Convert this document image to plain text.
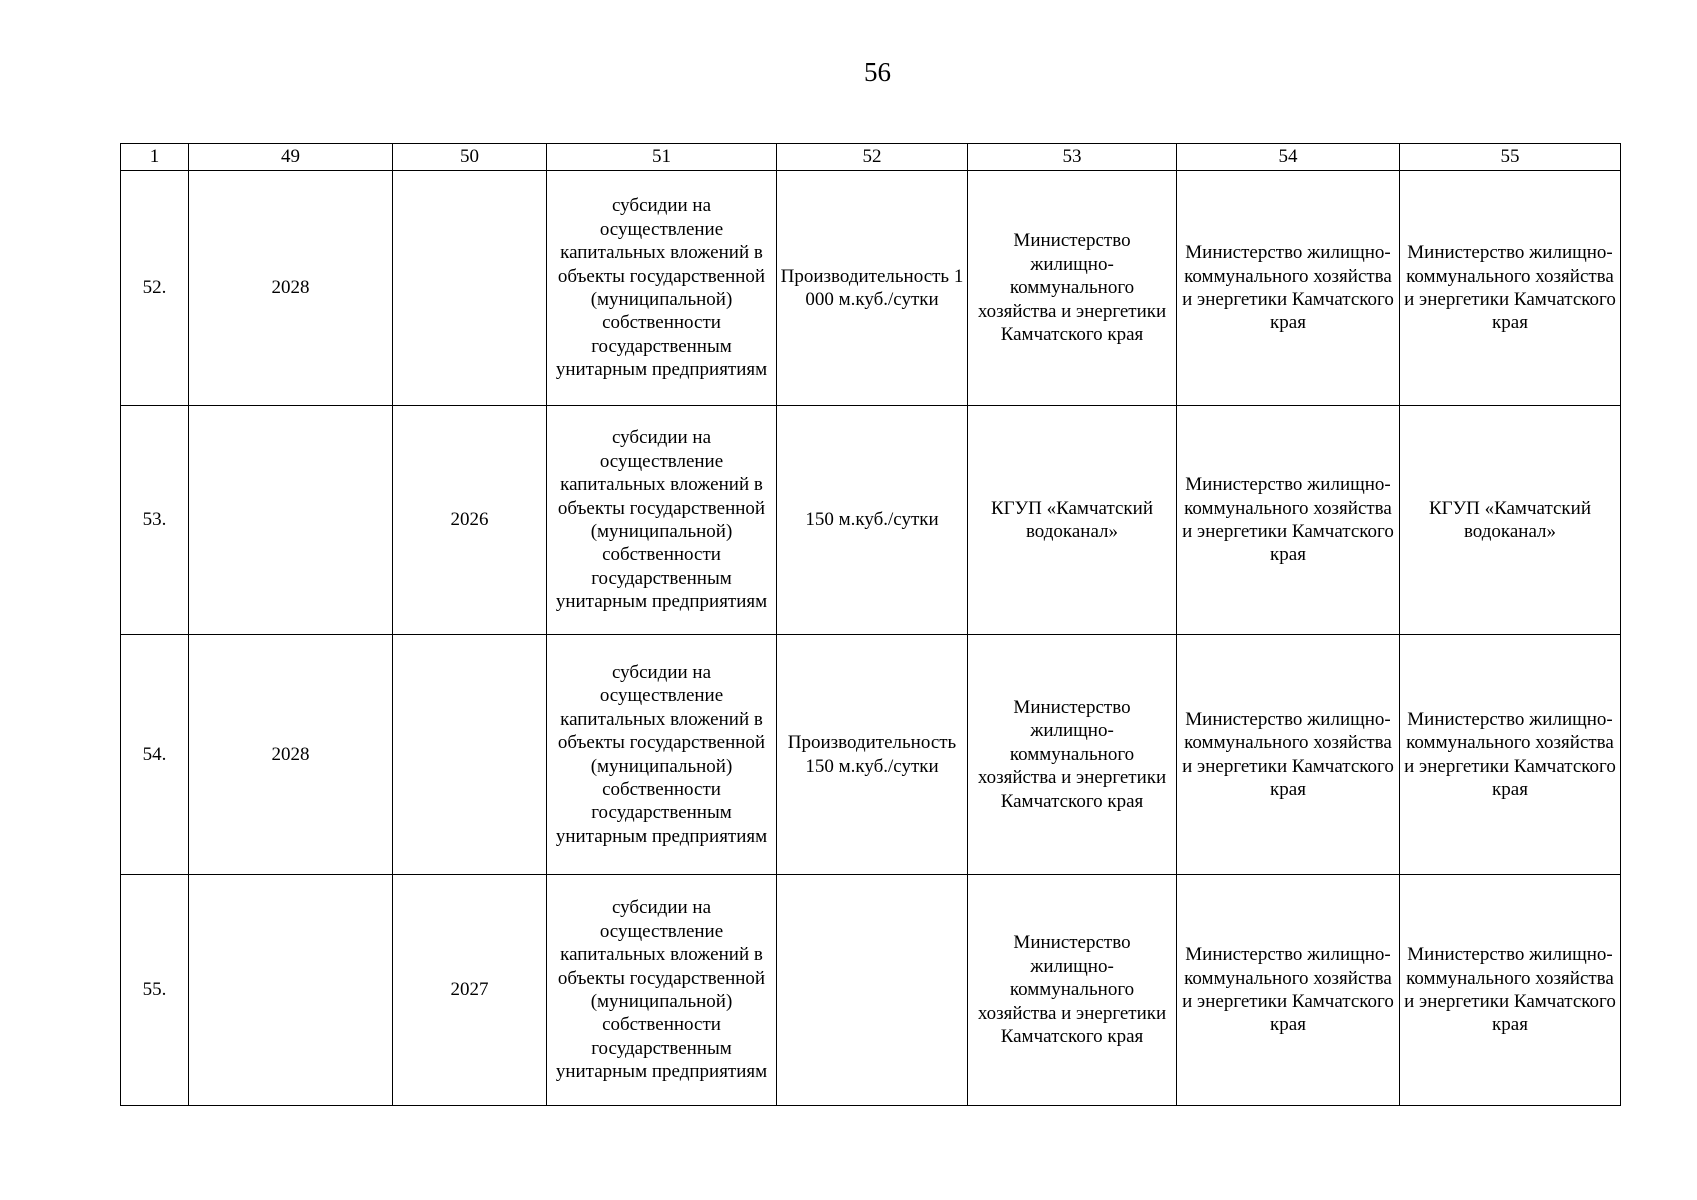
56
1	49	50	51	52	53	54	55
52.	2028		субсидии на осуществление капитальных вложений в объекты государственной (муниципальной) собственности государственным унитарным предприятиям	Производительность 1 000 м.куб./сутки	Министерство жилищно-коммунального хозяйства и энергетики Камчатского края	Министерство жилищно-коммунального хозяйства и энергетики Камчатского края	Министерство жилищно-коммунального хозяйства и энергетики Камчатского края
53.		2026	субсидии на осуществление капитальных вложений в объекты государственной (муниципальной) собственности государственным унитарным предприятиям	150 м.куб./сутки	КГУП «Камчатский водоканал»	Министерство жилищно-коммунального хозяйства и энергетики Камчатского края	КГУП «Камчатский водоканал»
54.	2028		субсидии на осуществление капитальных вложений в объекты государственной (муниципальной) собственности государственным унитарным предприятиям	Производительность 150 м.куб./сутки	Министерство жилищно-коммунального хозяйства и энергетики Камчатского края	Министерство жилищно-коммунального хозяйства и энергетики Камчатского края	Министерство жилищно-коммунального хозяйства и энергетики Камчатского края
55.		2027	субсидии на осуществление капитальных вложений в объекты государственной (муниципальной) собственности государственным унитарным предприятиям		Министерство жилищно-коммунального хозяйства и энергетики Камчатского края	Министерство жилищно-коммунального хозяйства и энергетики Камчатского края	Министерство жилищно-коммунального хозяйства и энергетики Камчатского края
